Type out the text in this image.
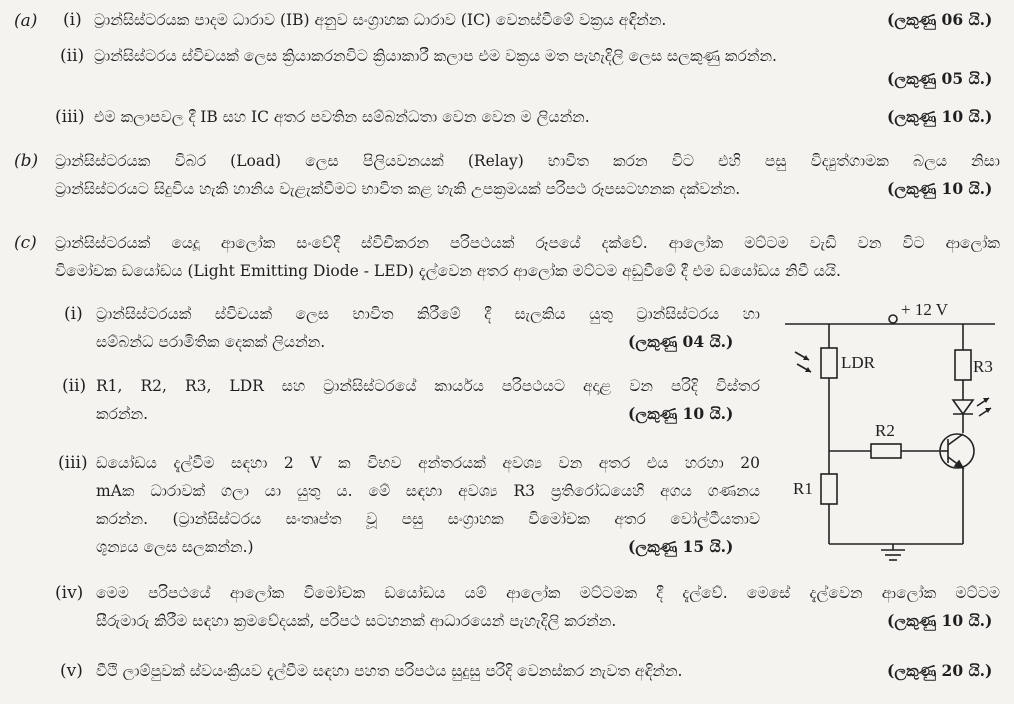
(a) (i) ට්‍රාන්සිස්ටරයක පාදම ධාරාව (IB) අනුව සංග්‍රාහක ධාරාව (IC) වෙනස්වීමේ වක්‍රය අඳින්න.	(ලකුණු 06 යි.)
(ii) ට්‍රාන්සිස්ටරය ස්විචයක් ලෙස ක්‍රියාකරනවිට ක්‍රියාකාරී කලාප එම වක්‍රය මත පැහැදිලි ලෙස සලකුණු කරන්න.
(ලකුණු 05 යි.)
(iii) එම කලාපවල දී IB සහ IC අතර පවතින සම්බන්ධතා වෙන වෙන ම ලියන්න.	(ලකුණු 10 යි.)
(b) ට්‍රාන්සිස්ටරයක විබර (Load) ලෙස පිලියවනයක් (Relay) භාවිත කරන විට එහි පසු විද්‍යුත්ගාමක බලය නිසා
ට්‍රාන්සිස්ටරයට සිදුවිය හැකි හානිය වැළැක්වීමට භාවිත කළ හැකි උපක්‍රමයක් පරිපථ රූපසටහනක දක්වන්න.	(ලකුණු 10 යි.)
(c) ට්‍රාන්සිස්ටරයක් යෙදූ ආලෝක සංවේදී ස්විචීකරන පරිපථයක් රූපයේ දක්වේ. ආලෝක මට්ටම වැඩි වන විට ආලෝක
විමෝචක ඩයෝඩය (Light Emitting Diode - LED) දැල්වෙන අතර ආලෝක මට්ටම අඩුවීමේ දී එම ඩයෝඩය නිවී යයි.
(i) ට්‍රාන්සිස්ටරයක් ස්විචයක් ලෙස භාවිත කිරීමේ දී සැලකිය යුතු ට්‍රාන්සිස්ටරය හා
සම්බන්ධ පරාමිතික දෙකක් ලියන්න.	(ලකුණු 04 යි.)
(ii) R1, R2, R3, LDR සහ ට්‍රාන්සිස්ටරයේ කාර්යය පරිපථයට අදාළ වන පරිදි විස්තර
කරන්න.	(ලකුණු 10 යි.)
(iii) ඩයෝඩය දැල්වීම සඳහා 2 V ක විභව අන්තරයක් අවශ්‍ය වන අතර එය හරහා 20
mAක ධාරාවක් ගලා යා යුතු ය. මේ සඳහා අවශ්‍ය R3 ප්‍රතිරෝධයෙහි අගය ගණනය
කරන්න. (ට්‍රාන්සිස්ටරය සංතෘප්ත වූ පසු සංග්‍රාහක විමෝචක අතර වෝල්ටීයතාව
ශුන්‍යය ලෙස සලකන්න.)	(ලකුණු 15 යි.)
(iv) මෙම පරිපථයේ ආලෝක විමෝචක ඩයෝඩය යම් ආලෝක මට්ටමක දී දැල්වේ. මෙසේ දැල්වෙන ආලෝක මට්ටම
සීරුමාරු කිරීම සඳහා ක්‍රමවේදයක්, පරිපථ සටහනක් ආධාරයෙන් පැහැදිලි කරන්න.	(ලකුණු 10 යි.)
(v) වීථි ලාම්පුවක් ස්වයංක්‍රියව දැල්වීම සඳහා පහත පරිපථය සුදුසු පරිදි වෙනස්කර නැවත අඳින්න.	(ලකුණු 20 යි.)
+ 12 V
LDR	R3
R2
R1
